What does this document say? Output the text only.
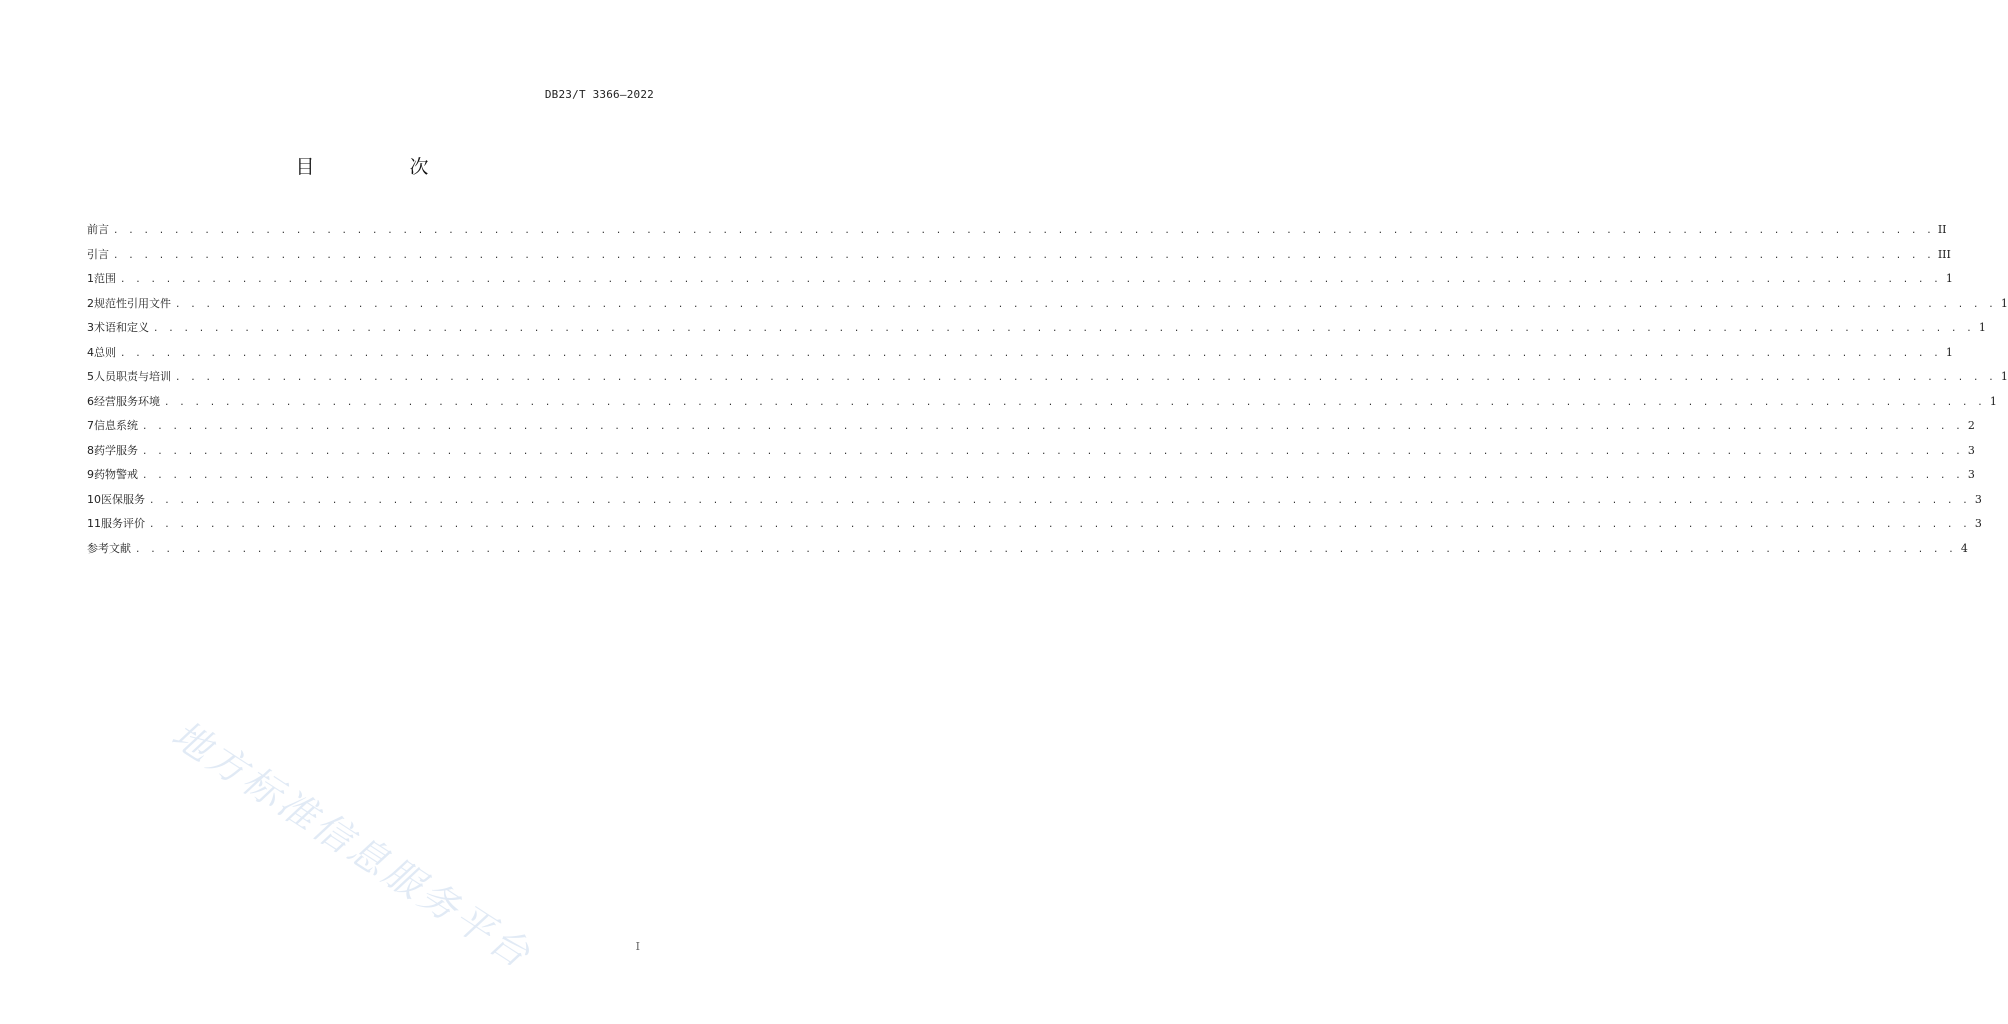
DB23/T 3366—2022
目　次
前言 . . . . . . . . . . . . . . . . . . . . . . . . . . . . . . . . . . . . . . . . . . . . . . . . . . . . . . . . . . . . . . . . . . . . . . . . . . . . . . . . . . . . . . . . . . . . . . . . . . . . . . . . . . . . . . . . . . . . . . . . II
引言 . . . . . . . . . . . . . . . . . . . . . . . . . . . . . . . . . . . . . . . . . . . . . . . . . . . . . . . . . . . . . . . . . . . . . . . . . . . . . . . . . . . . . . . . . . . . . . . . . . . . . . . . . . . . . . . . . . . . . . . . III
1 范围 . . . . . . . . . . . . . . . . . . . . . . . . . . . . . . . . . . . . . . . . . . . . . . . . . . . . . . . . . . . . . . . . . . . . . . . . . . . . . . . . . . . . . . . . . . . . . . . . . . . . . . . . . . . . . . . . . . . . . . . . 1
2 规范性引用文件 . . . . . . . . . . . . . . . . . . . . . . . . . . . . . . . . . . . . . . . . . . . . . . . . . . . . . . . . . . . . . . . . . . . . . . . . . . . . . . . . . . . . . . . . . . . . . . . . . . . . . . . . . . . . . . . . . . . . . . . . 1
3 术语和定义 . . . . . . . . . . . . . . . . . . . . . . . . . . . . . . . . . . . . . . . . . . . . . . . . . . . . . . . . . . . . . . . . . . . . . . . . . . . . . . . . . . . . . . . . . . . . . . . . . . . . . . . . . . . . . . . . . . . . . . . . 1
4 总则 . . . . . . . . . . . . . . . . . . . . . . . . . . . . . . . . . . . . . . . . . . . . . . . . . . . . . . . . . . . . . . . . . . . . . . . . . . . . . . . . . . . . . . . . . . . . . . . . . . . . . . . . . . . . . . . . . . . . . . . . 1
5 人员职责与培训 . . . . . . . . . . . . . . . . . . . . . . . . . . . . . . . . . . . . . . . . . . . . . . . . . . . . . . . . . . . . . . . . . . . . . . . . . . . . . . . . . . . . . . . . . . . . . . . . . . . . . . . . . . . . . . . . . . . . . . . . 1
6 经营服务环境 . . . . . . . . . . . . . . . . . . . . . . . . . . . . . . . . . . . . . . . . . . . . . . . . . . . . . . . . . . . . . . . . . . . . . . . . . . . . . . . . . . . . . . . . . . . . . . . . . . . . . . . . . . . . . . . . . . . . . . . . 1
7 信息系统 . . . . . . . . . . . . . . . . . . . . . . . . . . . . . . . . . . . . . . . . . . . . . . . . . . . . . . . . . . . . . . . . . . . . . . . . . . . . . . . . . . . . . . . . . . . . . . . . . . . . . . . . . . . . . . . . . . . . . . . . 2
8 药学服务 . . . . . . . . . . . . . . . . . . . . . . . . . . . . . . . . . . . . . . . . . . . . . . . . . . . . . . . . . . . . . . . . . . . . . . . . . . . . . . . . . . . . . . . . . . . . . . . . . . . . . . . . . . . . . . . . . . . . . . . . 3
9 药物警戒 . . . . . . . . . . . . . . . . . . . . . . . . . . . . . . . . . . . . . . . . . . . . . . . . . . . . . . . . . . . . . . . . . . . . . . . . . . . . . . . . . . . . . . . . . . . . . . . . . . . . . . . . . . . . . . . . . . . . . . . . 3
10 医保服务 . . . . . . . . . . . . . . . . . . . . . . . . . . . . . . . . . . . . . . . . . . . . . . . . . . . . . . . . . . . . . . . . . . . . . . . . . . . . . . . . . . . . . . . . . . . . . . . . . . . . . . . . . . . . . . . . . . . . . . . . 3
11 服务评价 . . . . . . . . . . . . . . . . . . . . . . . . . . . . . . . . . . . . . . . . . . . . . . . . . . . . . . . . . . . . . . . . . . . . . . . . . . . . . . . . . . . . . . . . . . . . . . . . . . . . . . . . . . . . . . . . . . . . . . . . 3
参考文献 . . . . . . . . . . . . . . . . . . . . . . . . . . . . . . . . . . . . . . . . . . . . . . . . . . . . . . . . . . . . . . . . . . . . . . . . . . . . . . . . . . . . . . . . . . . . . . . . . . . . . . . . . . . . . . . . . . . . . . . . 4
地方标准信息服务平台	I
